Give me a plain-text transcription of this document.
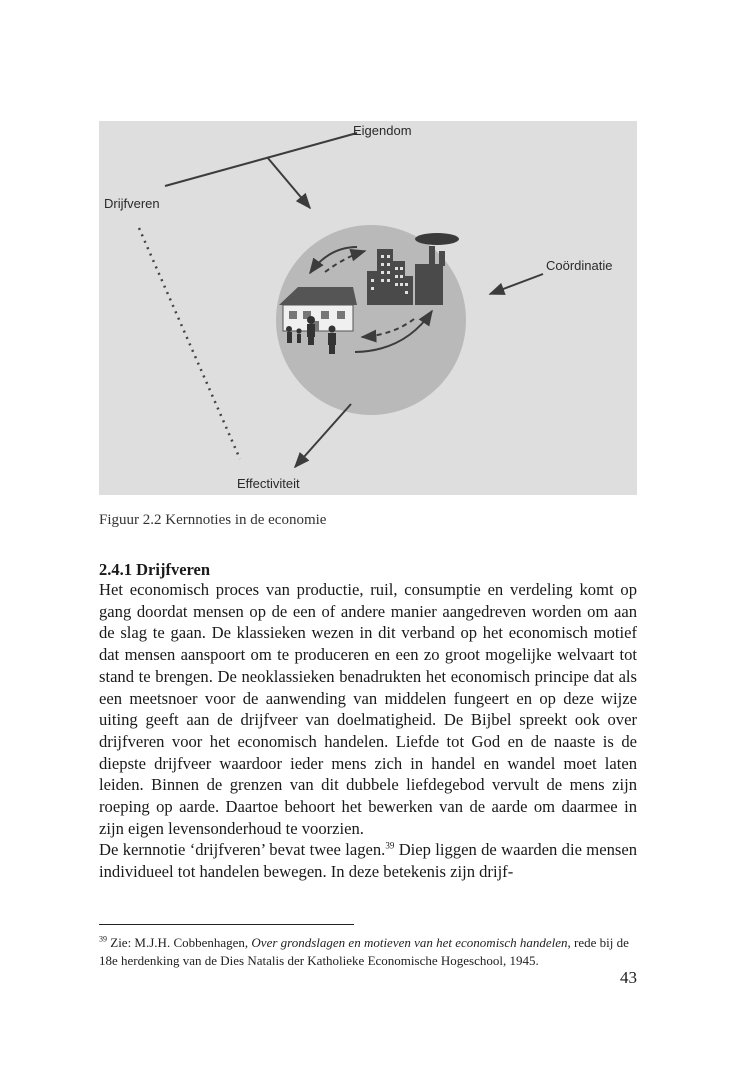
Eigendom
Drijfveren
Coördinatie
Effectiviteit
Figuur 2.2 Kernnoties in de economie
2.4.1 Drijfveren

Het economisch proces van productie, ruil, consumptie en verdeling komt op gang doordat mensen op de een of andere manier aangedreven worden om aan de slag te gaan. De klassieken wezen in dit verband op het economisch motief dat mensen aanspoort om te produceren en een zo groot mogelijke welvaart tot stand te brengen. De neoklassieken benadrukten het economisch principe dat als een meetsnoer voor de aanwending van middelen fungeert en op deze wijze uiting geeft aan de drijfveer van doelmatigheid. De Bijbel spreekt ook over drijfveren voor het economisch handelen. Liefde tot God en de naaste is de diepste drijfveer waardoor ieder mens zich in handel en wandel moet laten leiden. Binnen de grenzen van dit dubbele liefdegebod vervult de mens zijn roeping op aarde. Daartoe behoort het bewerken van de aarde om daarmee in zijn eigen levensonderhoud te voorzien.

De kernnotie ‘drijfveren’ bevat twee lagen.$^{39}$ Diep liggen de waarden die mensen individueel tot handelen bewegen. In deze betekenis zijn drijf-

$^{39}$ Zie: M.J.H. Cobbenhagen, Over grondslagen en motieven van het economisch handelen, rede bij de 18e herdenking van de Dies Natalis der Katholieke Economische Hogeschool, 1945.

43
